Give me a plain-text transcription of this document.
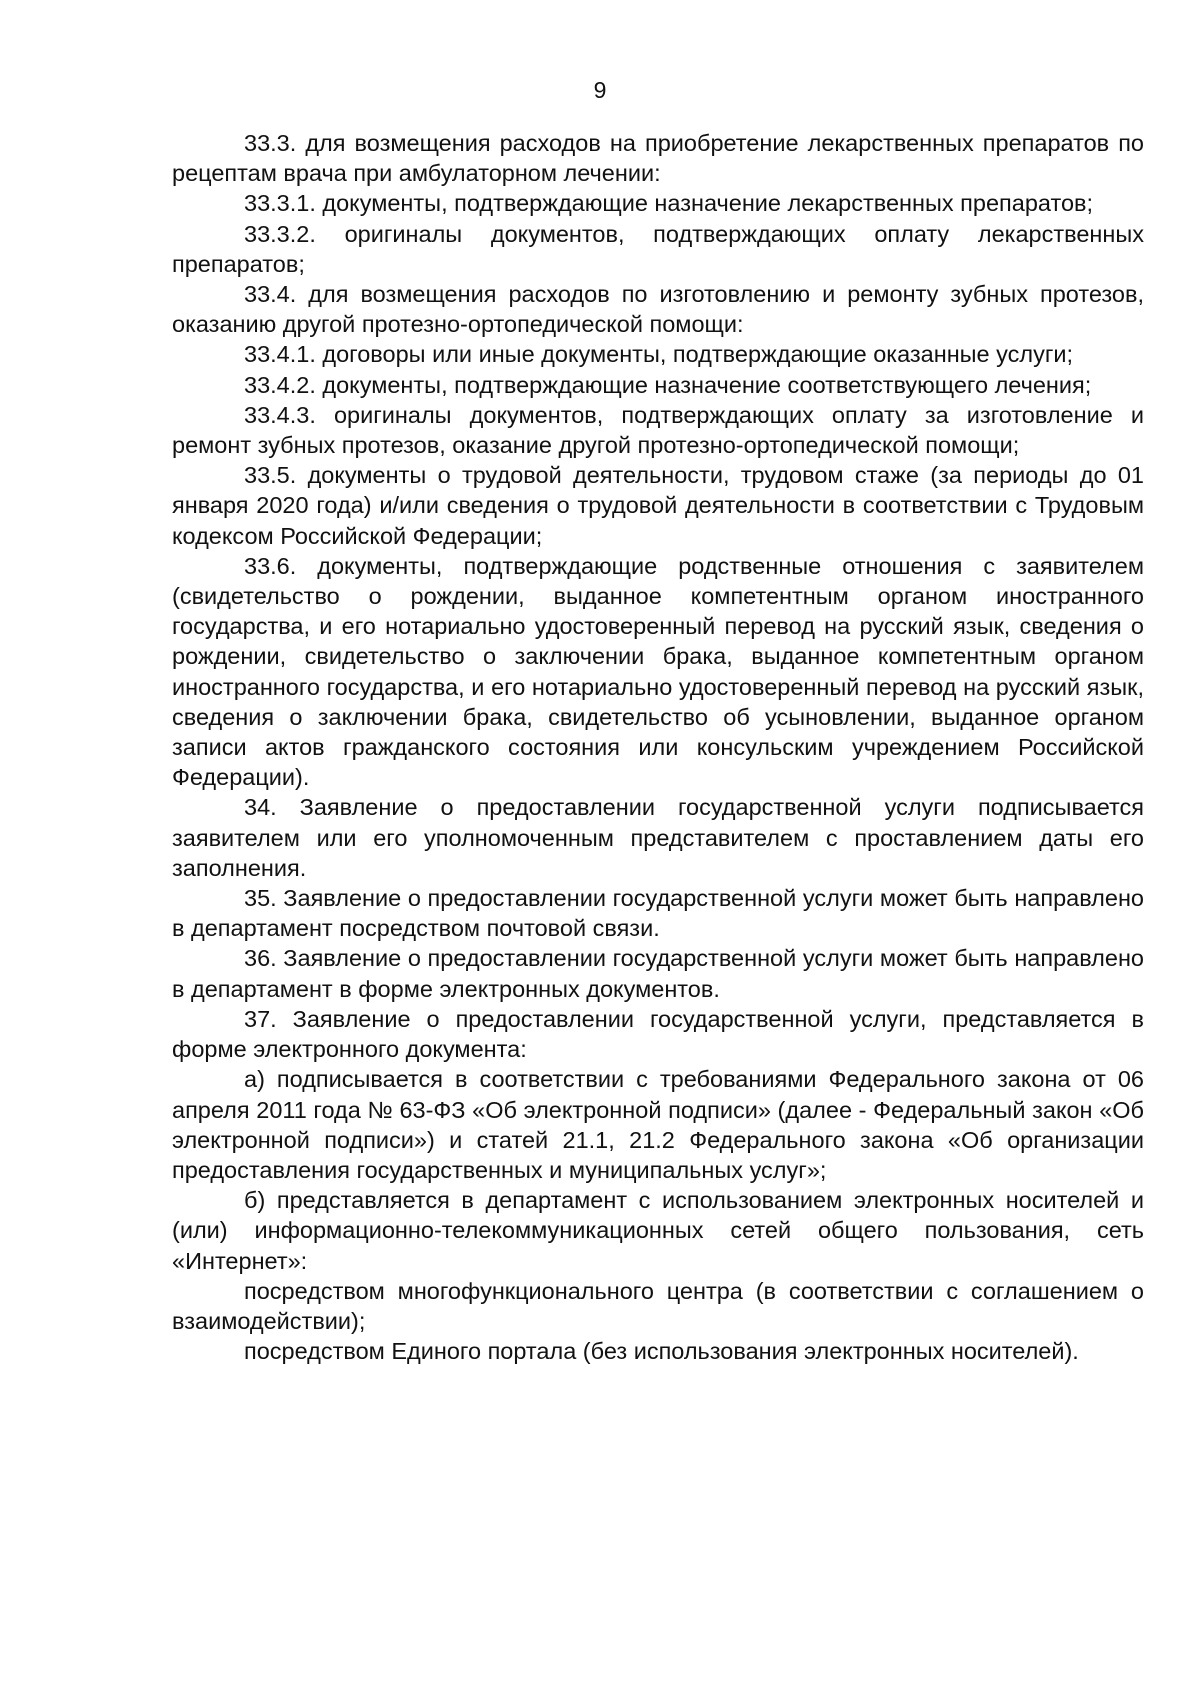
9

33.3. для возмещения расходов на приобретение лекарственных препаратов по рецептам врача при амбулаторном лечении:

33.3.1. документы, подтверждающие назначение лекарственных препаратов;

33.3.2. оригиналы документов, подтверждающих оплату лекарственных препаратов;

33.4. для возмещения расходов по изготовлению и ремонту зубных протезов, оказанию другой протезно-ортопедической помощи:

33.4.1. договоры или иные документы, подтверждающие оказанные услуги;

33.4.2. документы, подтверждающие назначение соответствующего лечения;

33.4.3. оригиналы документов, подтверждающих оплату за изготовление и ремонт зубных протезов, оказание другой протезно-ортопедической помощи;

33.5. документы о трудовой деятельности, трудовом стаже (за периоды до 01 января 2020 года) и/или сведения о трудовой деятельности в соответствии с Трудовым кодексом Российской Федерации;

33.6. документы, подтверждающие родственные отношения с заявителем (свидетельство о рождении, выданное компетентным органом иностранного государства, и его нотариально удостоверенный перевод на русский язык, сведения о рождении, свидетельство о заключении брака, выданное компетентным органом иностранного государства, и его нотариально удостоверенный перевод на русский язык, сведения о заключении брака, свидетельство об усыновлении, выданное органом записи актов гражданского состояния или консульским учреждением Российской Федерации).

34. Заявление о предоставлении государственной услуги подписывается заявителем или его уполномоченным представителем с проставлением даты его заполнения.

35. Заявление о предоставлении государственной услуги может быть направлено в департамент посредством почтовой связи.

36. Заявление о предоставлении государственной услуги может быть направлено в департамент в форме электронных документов.

37. Заявление о предоставлении государственной услуги, представляется в форме электронного документа:

а) подписывается в соответствии с требованиями Федерального закона от 06 апреля 2011 года № 63-ФЗ «Об электронной подписи» (далее - Федеральный закон «Об электронной подписи») и статей 21.1, 21.2 Федерального закона «Об организации предоставления государственных и муниципальных услуг»;

б) представляется в департамент с использованием электронных носителей и (или) информационно-телекоммуникационных сетей общего пользования, сеть «Интернет»:

посредством многофункционального центра (в соответствии с соглашением о взаимодействии);

посредством Единого портала (без использования электронных носителей).
